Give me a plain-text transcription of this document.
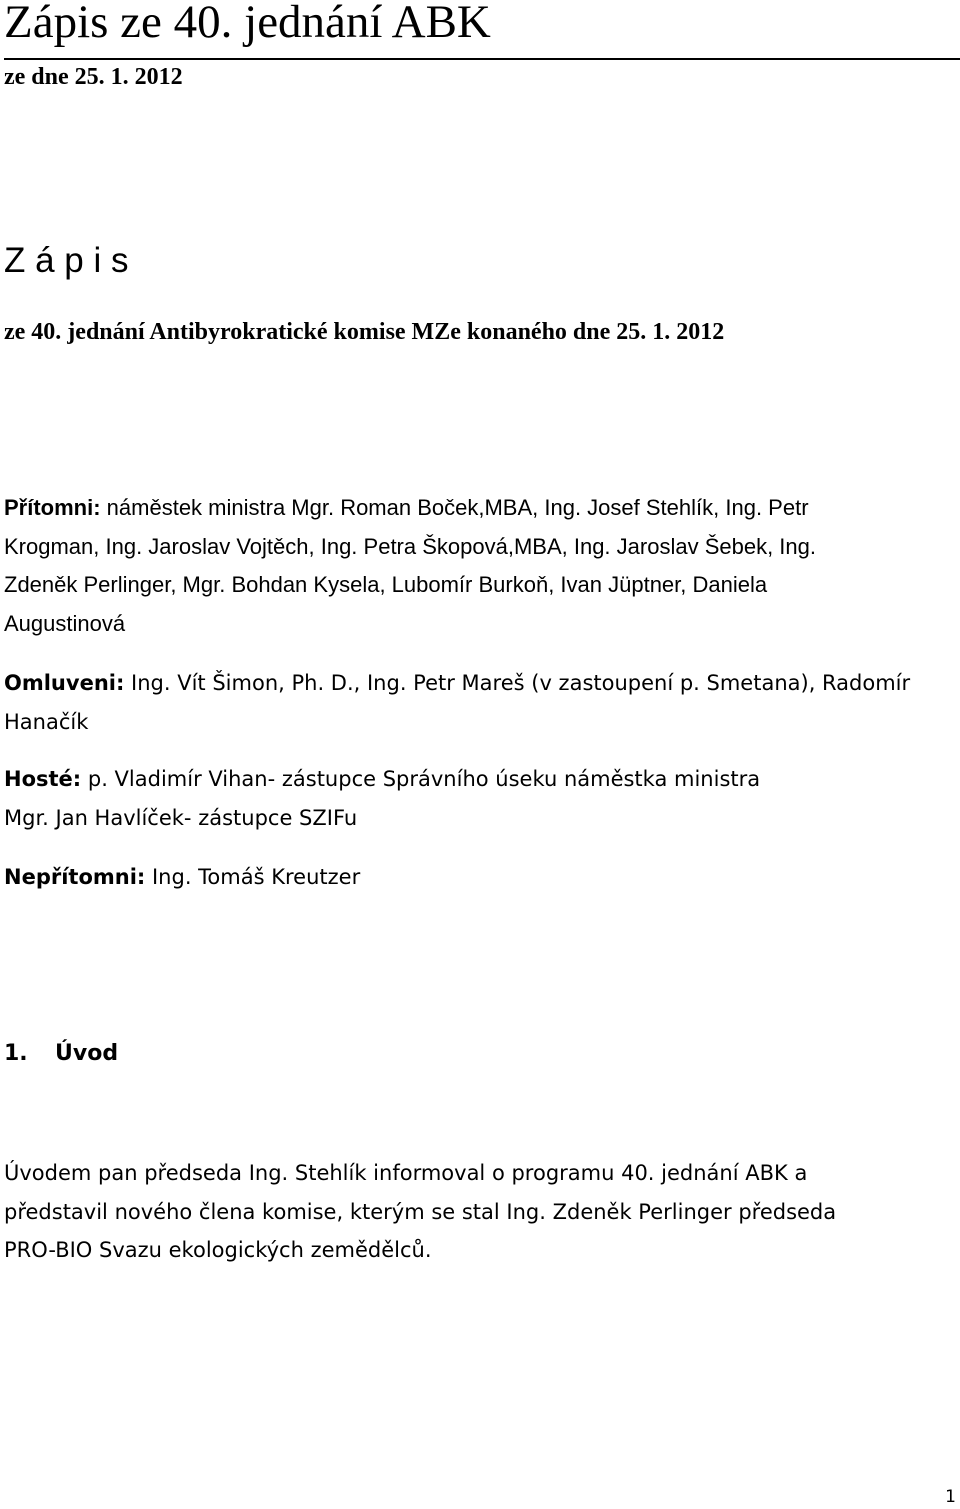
Zápis ze 40. jednání ABK
ze dne 25. 1. 2012
Z á p i s
ze 40. jednání Antibyrokratické komise MZe konaného dne 25. 1. 2012
Přítomni: náměstek ministra Mgr. Roman Boček,MBA, Ing. Josef Stehlík, Ing. Petr
Krogman, Ing. Jaroslav Vojtěch, Ing. Petra Škopová,MBA, Ing. Jaroslav Šebek, Ing.
Zdeněk Perlinger, Mgr. Bohdan Kysela, Lubomír Burkoň, Ivan Jüptner, Daniela
Augustinová
Omluveni: Ing. Vít Šimon, Ph. D., Ing. Petr Mareš (v zastoupení p. Smetana), Radomír
Hanačík
Hosté: p. Vladimír Vihan- zástupce Správního úseku náměstka ministra
Mgr. Jan Havlíček- zástupce SZIFu
Nepřítomni: Ing. Tomáš Kreutzer
1. Úvod
Úvodem pan předseda Ing. Stehlík informoval o programu 40. jednání ABK a
představil nového člena komise, kterým se stal Ing. Zdeněk Perlinger předseda
PRO-BIO Svazu ekologických zemědělců.
1
